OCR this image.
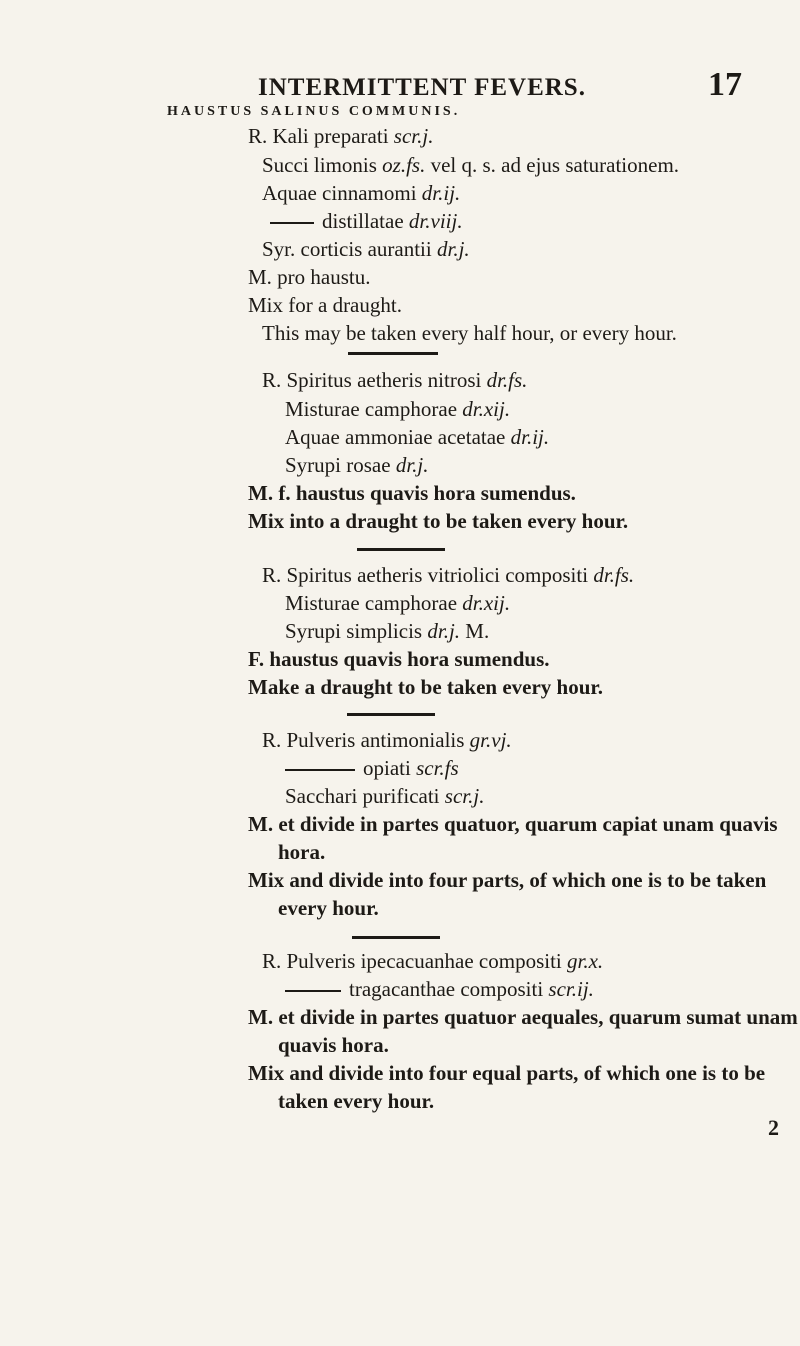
INTERMITTENT FEVERS.	17
HAUSTUS SALINUS COMMUNIS.
R. Kali preparati scr.j.
Succi limonis oz.fs. vel q. s. ad ejus saturationem.
Aquae cinnamomi dr.ij.
distillatae dr.viij.
Syr. corticis aurantii dr.j.
M. pro haustu.
Mix for a draught.
This may be taken every half hour, or every hour.
R. Spiritus aetheris nitrosi dr.fs.
Misturae camphorae dr.xij.
Aquae ammoniae acetatae dr.ij.
Syrupi rosae dr.j.
M. f. haustus quavis hora sumendus.
Mix into a draught to be taken every hour.
R. Spiritus aetheris vitriolici compositi dr.fs.
Misturae camphorae dr.xij.
Syrupi simplicis dr.j. M.
F. haustus quavis hora sumendus.
Make a draught to be taken every hour.
R. Pulveris antimonialis gr.vj.
opiati scr.fs
Sacchari purificati scr.j.
M. et divide in partes quatuor, quarum capiat unam quavis
hora.
Mix and divide into four parts, of which one is to be taken
every hour.
R. Pulveris ipecacuanhae compositi gr.x.
tragacanthae compositi scr.ij.
M. et divide in partes quatuor aequales, quarum sumat unam
quavis hora.
Mix and divide into four equal parts, of which one is to be
taken every hour.
2
